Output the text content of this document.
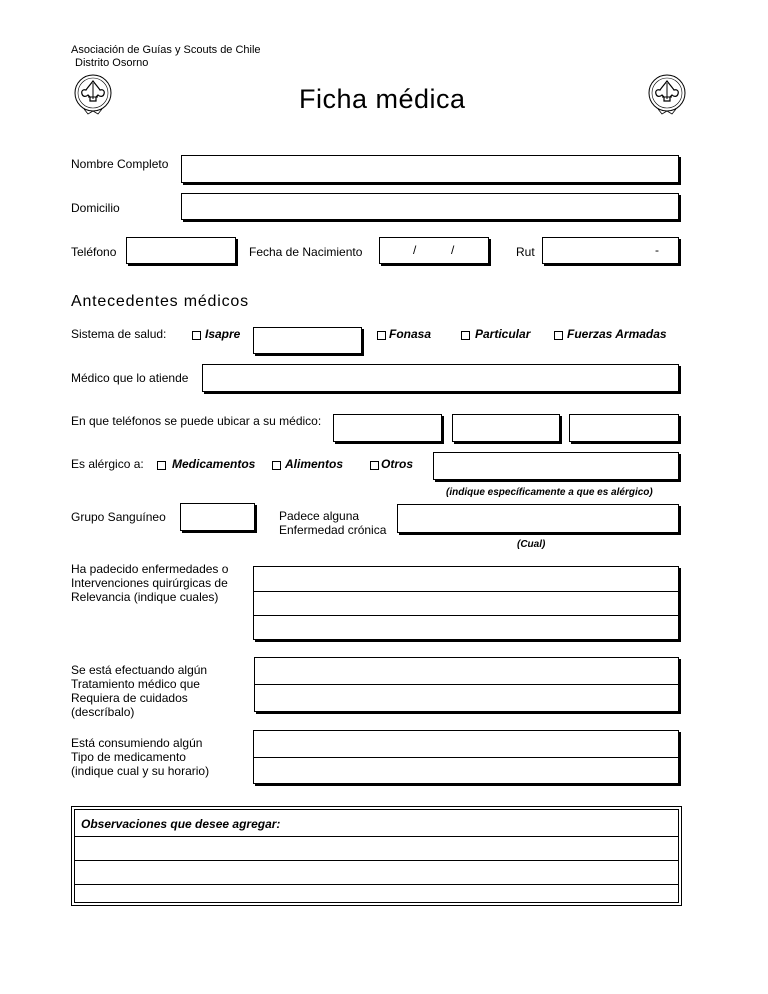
Asociación de Guías y Scouts de Chile
Distrito Osorno
Ficha médica
Nombre Completo
Domicilio
Teléfono	Fecha de Nacimiento	/	/	Rut	-
Antecedentes médicos
Sistema de salud:	Isapre	Fonasa	Particular	Fuerzas Armadas
Médico que lo atiende
En que teléfonos se puede ubicar a su médico:
Es alérgico a: Medicamentos Alimentos	Otros
(indique específicamente a que es alérgico)
Grupo Sanguíneo	Padece alguna
Enfermedad crónica
(Cual)
Ha padecido enfermedades o
Intervenciones quirúrgicas de
Relevancia (indique cuales)
Se está efectuando algún
Tratamiento médico que
Requiera de cuidados
(descríbalo)
Está consumiendo algún
Tipo de medicamento
(indique cual y su horario)
Observaciones que desee agregar:
